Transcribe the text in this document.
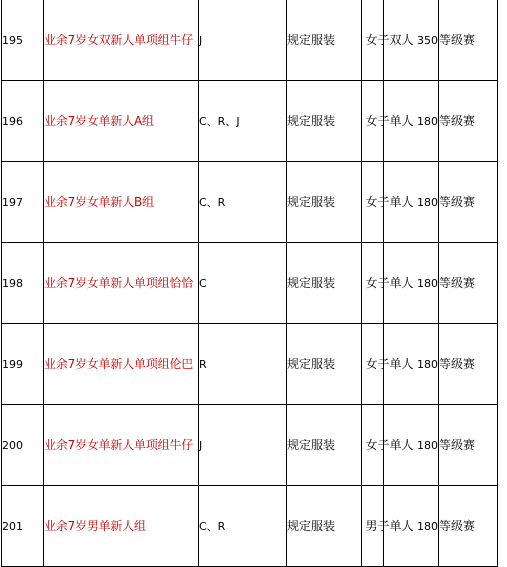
195	业余7岁女双新人单项组牛仔	J	规定服装	女子双人	350	等级赛
196	业余7岁女单新人A组	C、R、J	规定服装	女子单人	180	等级赛
197	业余7岁女单新人B组	C、R	规定服装	女子单人	180	等级赛
198	业余7岁女单新人单项组恰恰	C	规定服装	女子单人	180	等级赛
199	业余7岁女单新人单项组伦巴	R	规定服装	女子单人	180	等级赛
200	业余7岁女单新人单项组牛仔	J	规定服装	女子单人	180	等级赛
201	业余7岁男单新人组	C、R	规定服装	男子单人	180	等级赛
